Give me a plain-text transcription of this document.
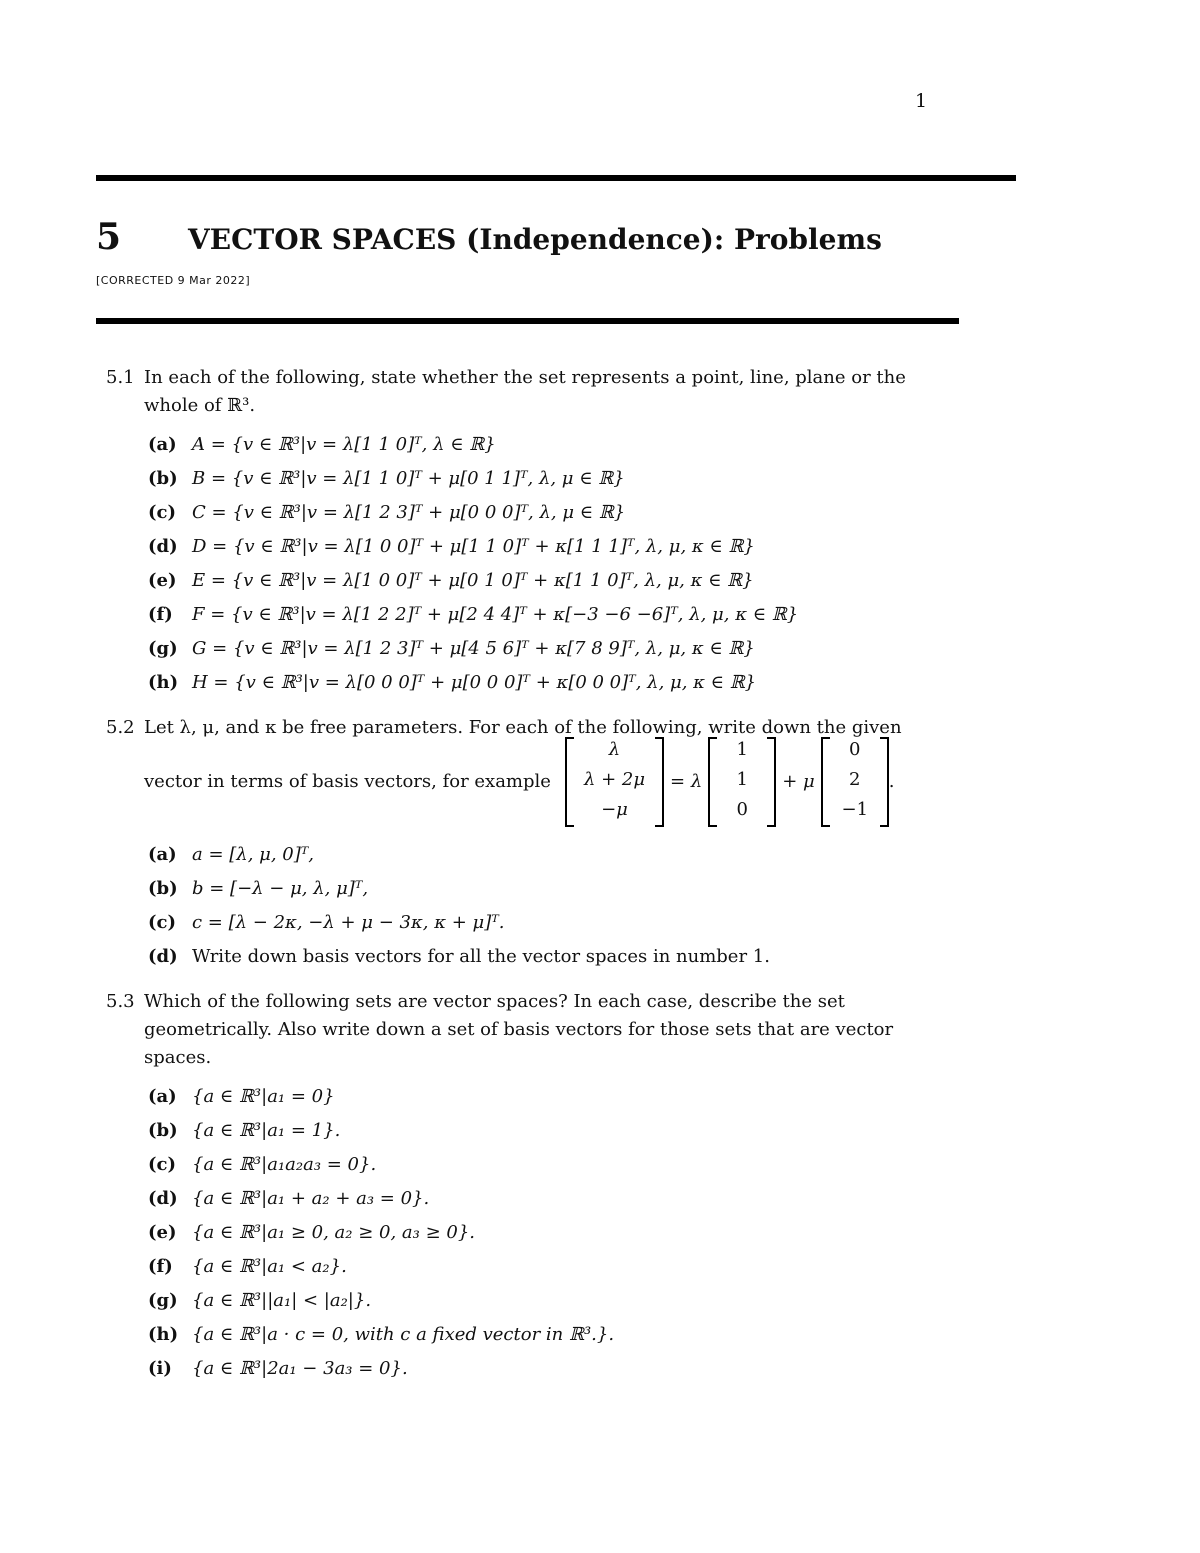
1
5	VECTOR SPACES (Independence): Problems
[CORRECTED 9 Mar 2022]
5.1 In each of the following, state whether the set represents a point, line, plane or the whole of ℝ³.
(a) A = {v ∈ ℝ³|v = λ[1 1 0]ᵀ, λ ∈ ℝ}
(b) B = {v ∈ ℝ³|v = λ[1 1 0]ᵀ + μ[0 1 1]ᵀ, λ, μ ∈ ℝ}
(c) C = {v ∈ ℝ³|v = λ[1 2 3]ᵀ + μ[0 0 0]ᵀ, λ, μ ∈ ℝ}
(d) D = {v ∈ ℝ³|v = λ[1 0 0]ᵀ + μ[1 1 0]ᵀ + κ[1 1 1]ᵀ, λ, μ, κ ∈ ℝ}
(e) E = {v ∈ ℝ³|v = λ[1 0 0]ᵀ + μ[0 1 0]ᵀ + κ[1 1 0]ᵀ, λ, μ, κ ∈ ℝ}
(f)	F = {v ∈ ℝ³|v = λ[1 2 2]ᵀ + μ[2 4 4]ᵀ + κ[−3 −6 −6]ᵀ, λ, μ, κ ∈ ℝ}
(g) G = {v ∈ ℝ³|v = λ[1 2 3]ᵀ + μ[4 5 6]ᵀ + κ[7 8 9]ᵀ, λ, μ, κ ∈ ℝ}
(h) H = {v ∈ ℝ³|v = λ[0 0 0]ᵀ + μ[0 0 0]ᵀ + κ[0 0 0]ᵀ, λ, μ, κ ∈ ℝ}
5.2 Let λ, μ, and κ be free parameters. For each of the following, write down the given
vector in terms of basis vectors, for example
λ
λ + 2μ
−μ
= λ
1
1
0
+ μ
0
2
−1
.
(a) a = [λ, μ, 0]ᵀ,
(b) b = [−λ − μ, λ, μ]ᵀ,
(c) c = [λ − 2κ, −λ + μ − 3κ, κ + μ]ᵀ.
(d) Write down basis vectors for all the vector spaces in number 1.
5.3 Which of the following sets are vector spaces? In each case, describe the set geometrically. Also write down a set of basis vectors for those sets that are vector spaces.
(a) {a ∈ ℝ³|a₁ = 0}
(b) {a ∈ ℝ³|a₁ = 1}.
(c) {a ∈ ℝ³|a₁a₂a₃ = 0}.
(d) {a ∈ ℝ³|a₁ + a₂ + a₃ = 0}.
(e) {a ∈ ℝ³|a₁ ≥ 0, a₂ ≥ 0, a₃ ≥ 0}.
(f)	{a ∈ ℝ³|a₁ < a₂}.
(g) {a ∈ ℝ³||a₁| < |a₂|}.
(h) {a ∈ ℝ³|a · c = 0, with c a fixed vector in ℝ³.}.
(i)	{a ∈ ℝ³|2a₁ − 3a₃ = 0}.
